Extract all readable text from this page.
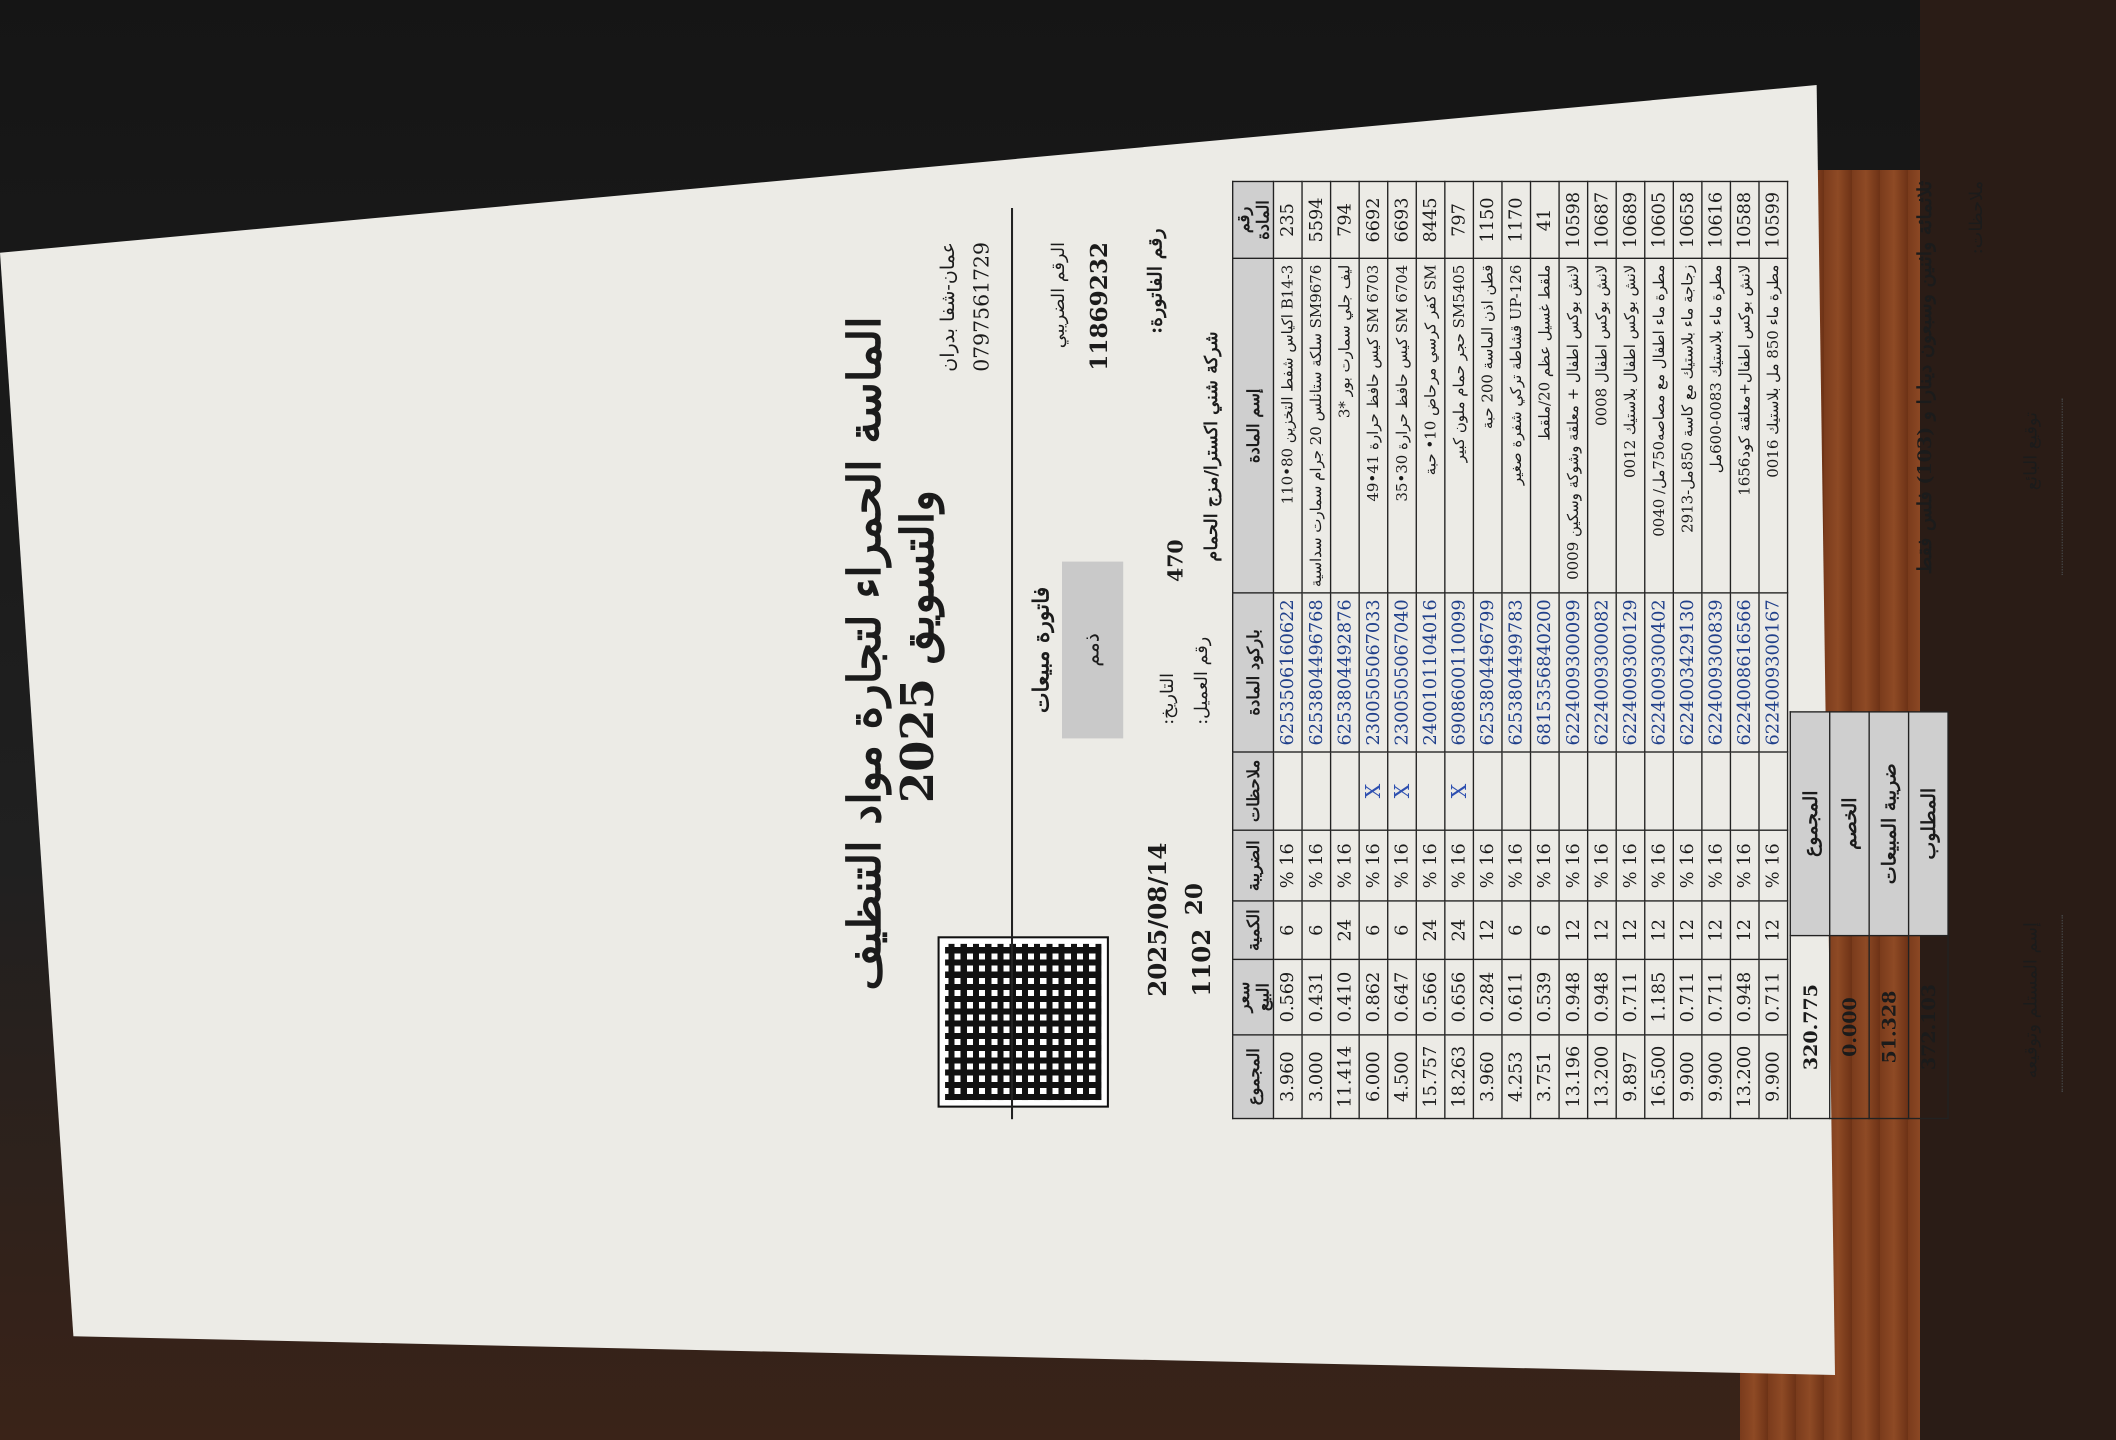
الماسة الحمراء لتجارة مواد التنظيف والتسويق2025
عمان-شفا بدران 0797561729
فاتورة مبيعات ذمم
الرقم الضريبي 11869232
التاريخ:
2025/08/14
رقم العميل:
20
1102
رقم الفاتورة:
470 شركة شني اكسترا/مزج الحمام
رقم المادة	إسم المادة	باركود المادة	ملاحظات	الضريبة	الكمية	سعر البيع	المجموع
235	B14-3 اكياس شفط التخزين 80•110	6253506160622		16 %	6	0.569	3.960
5594	SM9676 سلكة ستانلس 20 جرام سمارت سداسية	6253804496768		16 %	6	0.431	3.000
794	ليف جلي سمارت بور *3	6253804492876		16 %	24	0.410	11.414
6692	SM 6703 كيس حافظ حرارة 41•49	2300505067033	X	16 %	6	0.862	6.000
6693	SM 6704 كيس حافظ حرارة 30•35	2300505067040	X	16 %	6	0.647	4.500
8445	SM كفر كرسي مرحاض 10• حبة	2400101104016		16 %	24	0.566	15.757
797	SM5405 حجر حمام ملون كبير	6908600110099	X	16 %	24	0.656	18.263
1150	قطن اذن الماسة 200 حبة	6253804496799		16 %	12	0.284	3.960
1170	UP-126 قشاطة تركي شفرة صغير	6253804499783		16 %	6	0.611	4.253
41	ملقط غسيل عظم 20/ملقط	6815356840200		16 %	6	0.539	3.751
10598	لانش بوكس اطفال + معلقة وشوكة وسكين 0009	6224009300099		16 %	12	0.948	13.196
10687	لانش بوكس اطفال 0008	6224009300082		16 %	12	0.948	13.200
10689	لانش بوكس اطفال بلاستيك 0012	6224009300129		16 %	12	0.711	9.897
10605	مطرة ماء اطفال مع مصاصه750مل/ 0040	6224009300402		16 %	12	1.185	16.500
10658	زجاجة ماء بلاستيك مع كاسة 850مل-2913	6224003429130		16 %	12	0.711	9.900
10616	مطرة ماء بلاستيك 0083-600مل	6224009300839		16 %	12	0.711	9.900
10588	لانش بوكس اطفال+معلقة كود1656	6224008616566		16 %	12	0.948	13.200
10599	مطرة ماء 850 مل بلاستيك 0016	6224009300167		16 %	12	0.711	9.900
المجموع	320.775
الخصم	0.000
ضريبة المبيعات	51.328
المطلوب	372.103
ثلاثمائة واثنين وسبعون دينارا و (103) فلس فقط ملاحظات:
توقيع البائع
إسم المستلم وتوقيعه
